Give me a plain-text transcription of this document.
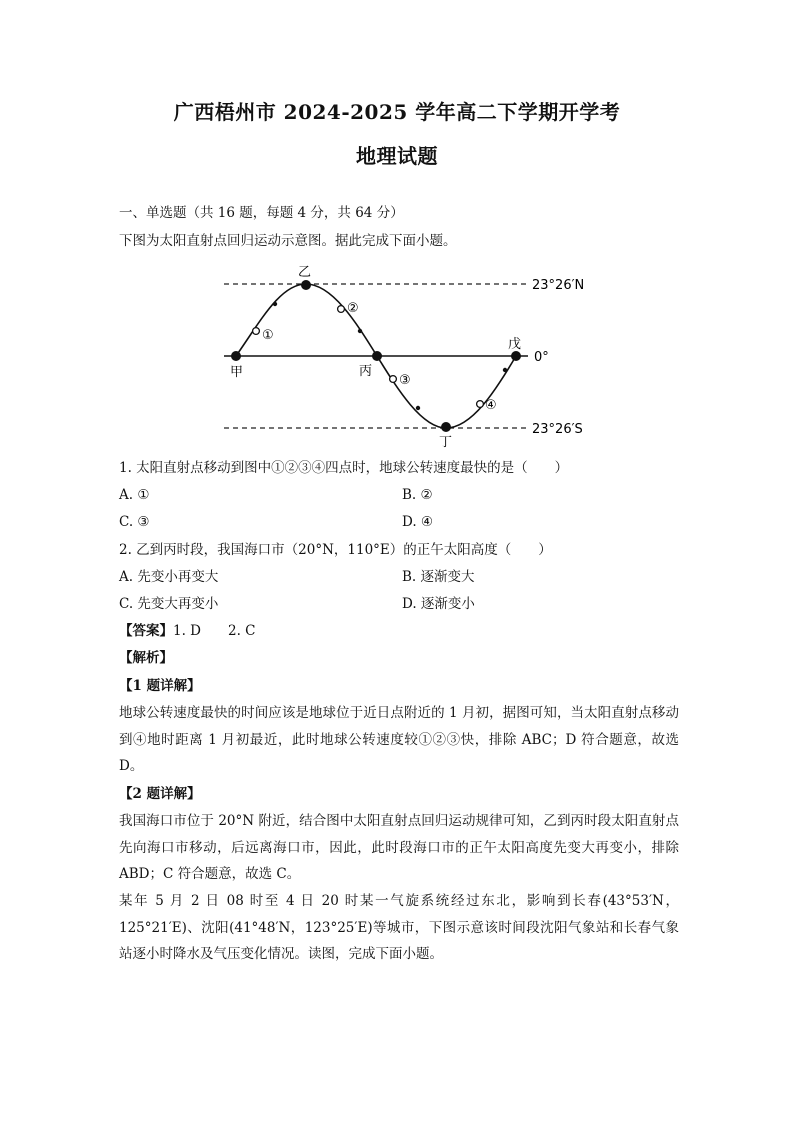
广西梧州市 2024-2025 学年高二下学期开学考
地理试题
一、单选题（共 16 题，每题 4 分，共 64 分）
下图为太阳直射点回归运动示意图。据此完成下面小题。
甲
乙
丙
丁
戊
①
②
③
④
23°26′N
0°
23°26′S
1. 太阳直射点移动到图中①②③④四点时，地球公转速度最快的是（　　）
A. ①	B. ②
C. ③	D. ④
2. 乙到丙时段，我国海口市（20°N，110°E）的正午太阳高度（　　）
A. 先变小再变大	B. 逐渐变大
C. 先变大再变小	D. 逐渐变小
【答案】1. D　　2. C
【解析】
【1 题详解】
地球公转速度最快的时间应该是地球位于近日点附近的 1 月初，据图可知，当太阳直射点移动到④地时距离 1 月初最近，此时地球公转速度较①②③快，排除 ABC；D 符合题意，故选 D。
【2 题详解】
我国海口市位于 20°N 附近，结合图中太阳直射点回归运动规律可知，乙到丙时段太阳直射点先向海口市移动，后远离海口市，因此，此时段海口市的正午太阳高度先变大再变小，排除 ABD；C 符合题意，故选 C。
某年 5 月 2 日 08 时至 4 日 20 时某一气旋系统经过东北，影响到长春(43°53′N，125°21′E)、沈阳(41°48′N，123°25′E)等城市，下图示意该时间段沈阳气象站和长春气象站逐小时降水及气压变化情况。读图，完成下面小题。
